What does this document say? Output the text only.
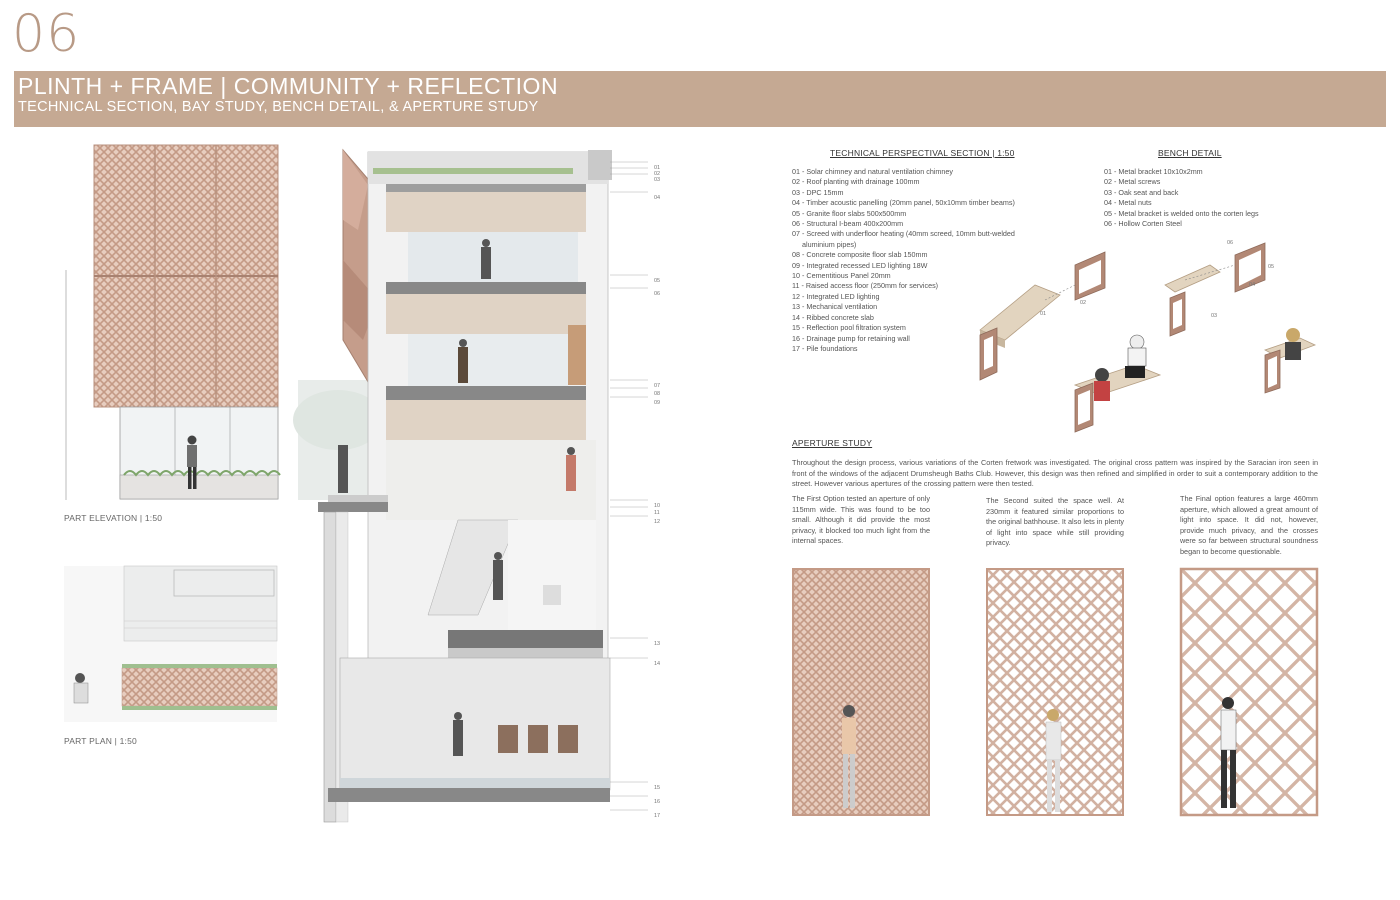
06
PLINTH + FRAME | COMMUNITY + REFLECTION
TECHNICAL SECTION, BAY STUDY, BENCH DETAIL, & APERTURE STUDY
PART ELEVATION | 1:50
PART PLAN | 1:50
01
02
03
04
05
06
07
08
09
10
11
12
13
14
15
16
17
TECHNICAL PERSPECTIVAL SECTION | 1:50
01 - Solar chimney and natural ventilation chimney
02 - Roof planting with drainage 100mm
03 - DPC 15mm
04 - Timber acoustic panelling (20mm panel, 50x10mm timber beams)
05 - Granite floor slabs 500x500mm
06 - Structural I-beam 400x200mm
07 - Screed with underfloor heating (40mm screed, 10mm butt-welded
aluminium pipes)
08 - Concrete composite floor slab 150mm
09 - Integrated recessed LED lighting 18W
10 - Cementitious Panel 20mm
11 - Raised access floor (250mm for services)
12 - Integrated LED lighting
13 - Mechanical ventilation
14 - Ribbed concrete slab
15 - Reflection pool filtration system
16 - Drainage pump for retaining wall
17 - Pile foundations
BENCH DETAIL
01 - Metal bracket 10x10x2mm
02 - Metal screws
03 - Oak seat and back
04 - Metal nuts
05 - Metal bracket is welded onto the corten legs
06 - Hollow Corten Steel
01
02
03
04
05
06
APERTURE STUDY
Throughout the design process, various variations of the Corten fretwork was investigated. The original cross pattern was inspired by the Saracian iron seen in front of the windows of the adjacent Drumsheugh Baths Club. However, this design was then refined and simplified in order to suit a contemporary addition to the street. However various apertures of the crossing pattern were then tested.
The First Option tested an aperture of only 115mm wide. This was found to be too small. Although it did provide the most privacy, it blocked too much light from the internal spaces.
The Second suited the space well. At 230mm it featured similar proportions to the original bathhouse. It also lets in plenty of light into space while still providing privacy.
The Final option features a large 460mm aperture, which allowed a great amount of light into space. It did not, however, provide much privacy, and the crosses were so far between structural soundness began to become questionable.
